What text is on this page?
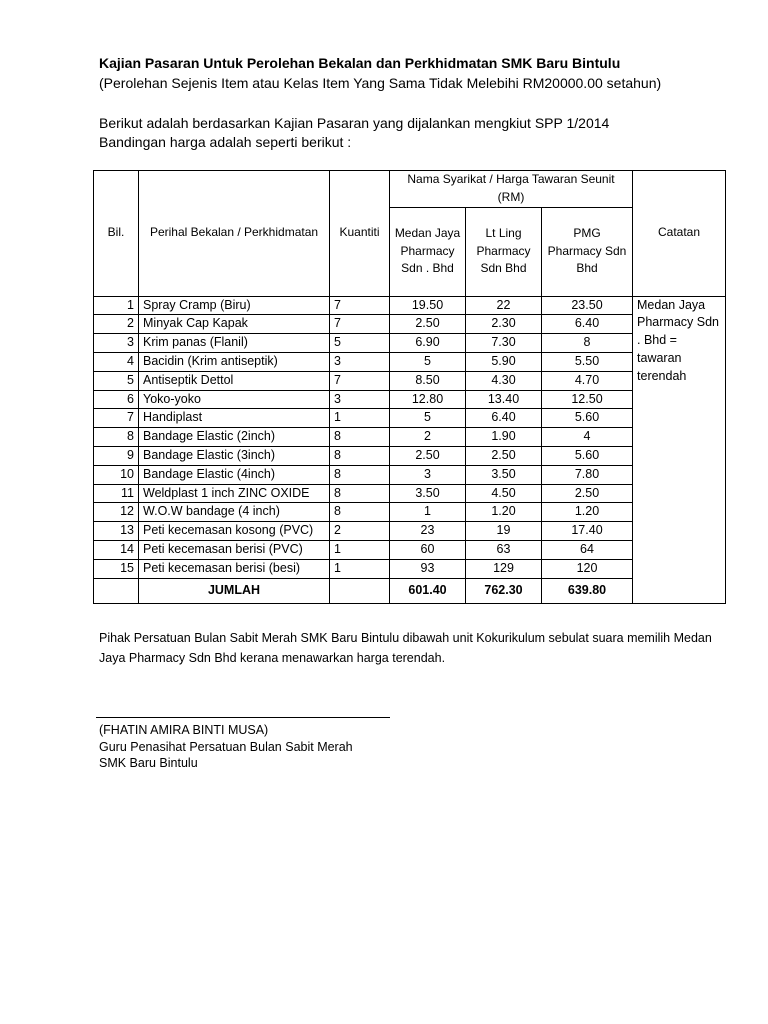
Kajian Pasaran Untuk Perolehan Bekalan dan Perkhidmatan SMK Baru Bintulu
(Perolehan Sejenis Item atau Kelas Item Yang Sama Tidak Melebihi RM20000.00 setahun)
Berikut adalah berdasarkan Kajian Pasaran yang dijalankan mengkiut SPP 1/2014
Bandingan harga adalah seperti berikut :
Bil.	Perihal Bekalan / Perkhidmatan	Kuantiti	Nama Syarikat / Harga Tawaran Seunit (RM)			Catatan
			Medan Jaya Pharmacy Sdn . Bhd	Lt Ling Pharmacy Sdn Bhd	PMG Pharmacy Sdn Bhd	
1	Spray Cramp (Biru)	7	19.50	22	23.50	Medan Jaya Pharmacy Sdn . Bhd = tawaran terendah
2	Minyak Cap Kapak	7	2.50	2.30	6.40	
3	Krim panas (Flanil)	5	6.90	7.30	8	
4	Bacidin (Krim antiseptik)	3	5	5.90	5.50	
5	Antiseptik Dettol	7	8.50	4.30	4.70	
6	Yoko-yoko	3	12.80	13.40	12.50	
7	Handiplast	1	5	6.40	5.60	
8	Bandage Elastic (2inch)	8	2	1.90	4	
9	Bandage Elastic (3inch)	8	2.50	2.50	5.60	
10	Bandage Elastic (4inch)	8	3	3.50	7.80	
11	Weldplast 1 inch ZINC OXIDE	8	3.50	4.50	2.50	
12	W.O.W bandage (4 inch)	8	1	1.20	1.20	
13	Peti kecemasan kosong (PVC)	2	23	19	17.40	
14	Peti kecemasan berisi (PVC)	1	60	63	64	
15	Peti kecemasan berisi (besi)	1	93	129	120	
	JUMLAH		601.40	762.30	639.80	
Pihak Persatuan Bulan Sabit Merah SMK Baru Bintulu dibawah unit Kokurikulum sebulat suara memilih Medan Jaya Pharmacy Sdn Bhd kerana menawarkan harga terendah.
(FHATIN AMIRA BINTI MUSA)
Guru Penasihat Persatuan Bulan Sabit Merah
SMK Baru Bintulu
